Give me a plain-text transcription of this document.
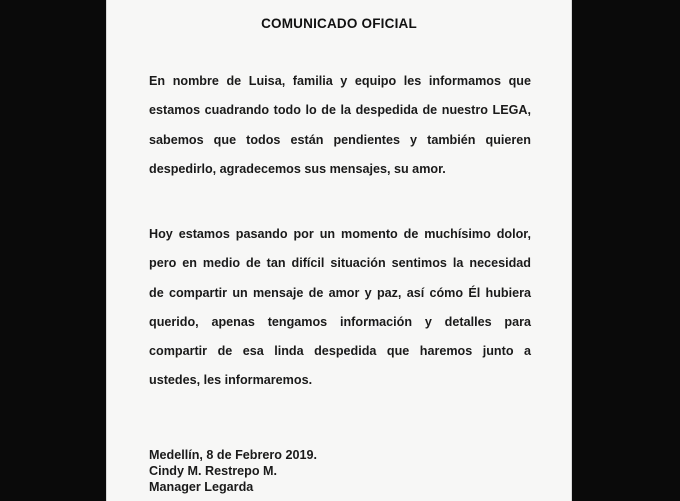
COMUNICADO OFICIAL
En nombre de Luisa, familia y equipo les informamos que
estamos cuadrando todo lo de la despedida de nuestro LEGA,
sabemos que todos están pendientes y también quieren
despedirlo, agradecemos sus mensajes, su amor.
Hoy estamos pasando por un momento de muchísimo dolor,
pero en medio de tan difícil situación sentimos la necesidad
de compartir un mensaje de amor y paz, así cómo Él hubiera
querido, apenas tengamos información y detalles para
compartir de esa linda despedida que haremos junto a
ustedes, les informaremos.
Medellín, 8 de Febrero 2019.
Cindy M. Restrepo M.
Manager Legarda
